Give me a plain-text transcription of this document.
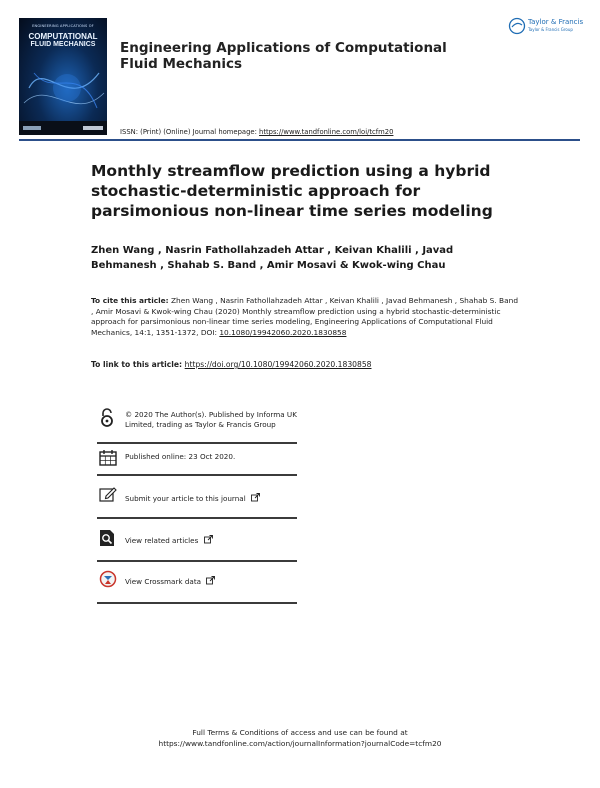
ENGINEERING APPLICATIONS OF
COMPUTATIONAL
FLUID MECHANICS	Engineering Applications of Computational Fluid Mechanics
ISSN: (Print) (Online) Journal homepage: https://www.tandfonline.com/loi/tcfm20
Taylor & Francis
Taylor & Francis Group
Monthly streamflow prediction using a hybrid stochastic-deterministic approach for parsimonious non-linear time series modeling
Zhen Wang , Nasrin Fathollahzadeh Attar , Keivan Khalili , Javad Behmanesh , Shahab S. Band , Amir Mosavi & Kwok-wing Chau
To cite this article: Zhen Wang , Nasrin Fathollahzadeh Attar , Keivan Khalili , Javad Behmanesh , Shahab S. Band , Amir Mosavi & Kwok-wing Chau (2020) Monthly streamflow prediction using a hybrid stochastic-deterministic approach for parsimonious non-linear time series modeling, Engineering Applications of Computational Fluid Mechanics, 14:1, 1351-1372, DOI: 10.1080/19942060.2020.1830858
To link to this article: https://doi.org/10.1080/19942060.2020.1830858
© 2020 The Author(s). Published by Informa UK Limited, trading as Taylor & Francis Group
Published online: 23 Oct 2020.
Submit your article to this journal
View related articles
View Crossmark data
Full Terms & Conditions of access and use can be found at
https://www.tandfonline.com/action/journalInformation?journalCode=tcfm20
